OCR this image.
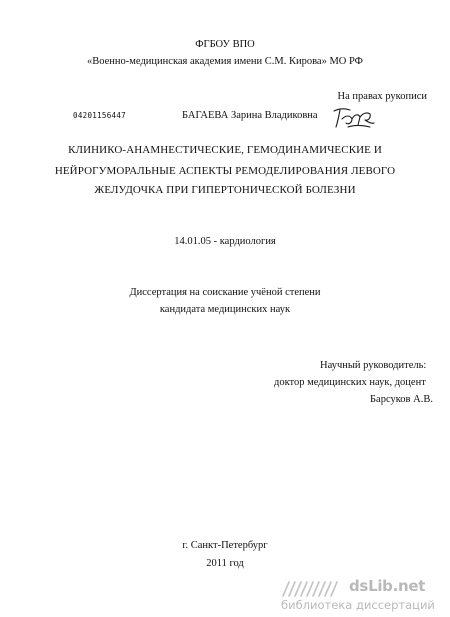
ФГБОУ ВПО
«Военно-медицинская академия имени С.М. Кирова» МО РФ
На правах рукописи
04201156447	БАГАЕВА Зарина Владиковна
КЛИНИКО-АНАМНЕСТИЧЕСКИЕ, ГЕМОДИНАМИЧЕСКИЕ И
НЕЙРОГУМОРАЛЬНЫЕ АСПЕКТЫ РЕМОДЕЛИРОВАНИЯ ЛЕВОГО
ЖЕЛУДОЧКА ПРИ ГИПЕРТОНИЧЕСКОЙ БОЛЕЗНИ
14.01.05 - кардиология
Диссертация на соискание учёной степени
кандидата медицинских наук
Научный руководитель:
доктор медицинских наук, доцент
Барсуков А.В.
г. Санкт-Петербург
2011 год
dsLib.net
библиотека диссертаций
